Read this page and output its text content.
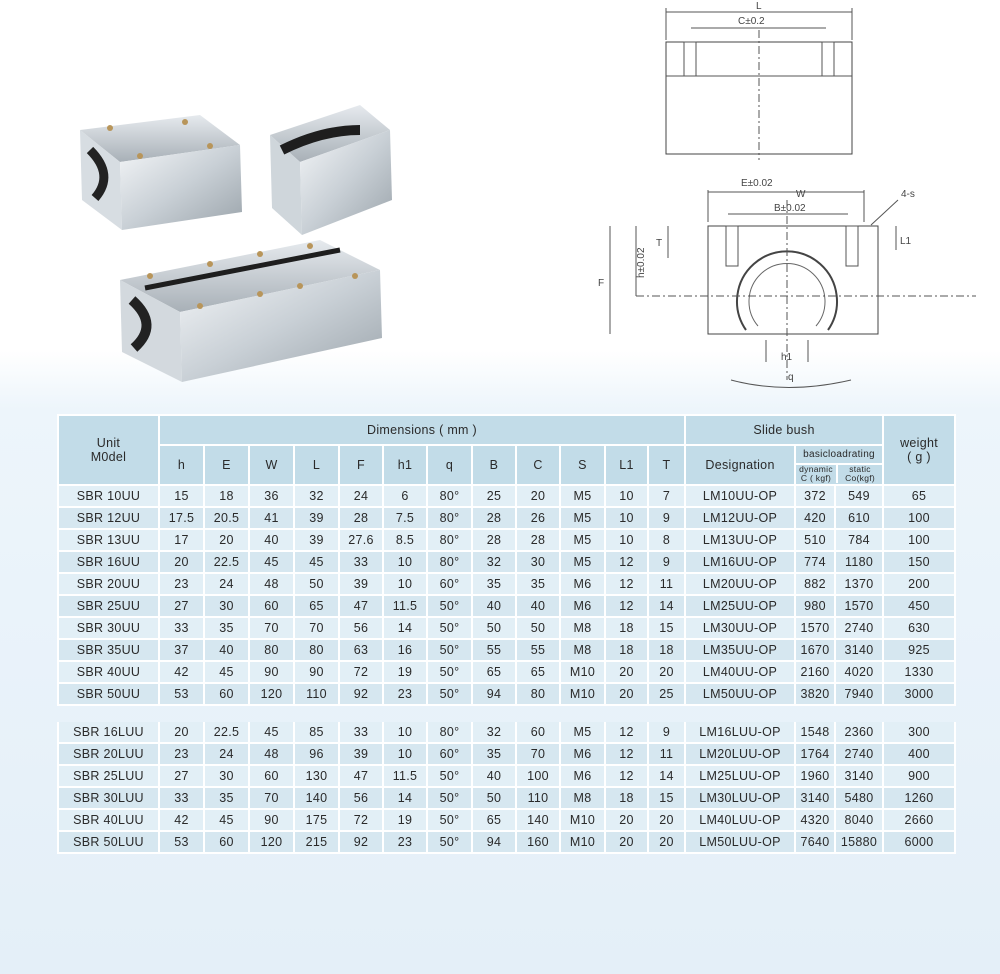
L
C±0.2
E±0.02
W
B±0.02
4-s
F
h±0.02
T	L1
h1
q
Unit
M0del	Dimensions ( mm )												Slide bush			weight
( g )

	h	E	W	L	F	h1	q	B	C	S	L1	T	Designation	basicloadrating
dynamic
C ( kgf)
static
Co(kgf)		

SBR 10UU	15	18	36	32	24	6	80°	25	20	M5	10	7	LM10UU-OP	372	549	65
SBR 12UU	17.5	20.5	41	39	28	7.5	80°	28	26	M5	10	9	LM12UU-OP	420	610	100
SBR 13UU	17	20	40	39	27.6	8.5	80°	28	28	M5	10	8	LM13UU-OP	510	784	100
SBR 16UU	20	22.5	45	45	33	10	80°	32	30	M5	12	9	LM16UU-OP	774	1180	150
SBR 20UU	23	24	48	50	39	10	60°	35	35	M6	12	11	LM20UU-OP	882	1370	200
SBR 25UU	27	30	60	65	47	11.5	50°	40	40	M6	12	14	LM25UU-OP	980	1570	450
SBR 30UU	33	35	70	70	56	14	50°	50	50	M8	18	15	LM30UU-OP	1570	2740	630
SBR 35UU	37	40	80	80	63	16	50°	55	55	M8	18	18	LM35UU-OP	1670	3140	925
SBR 40UU	42	45	90	90	72	19	50°	65	65	M10	20	20	LM40UU-OP	2160	4020	1330
SBR 50UU	53	60	120	110	92	23	50°	94	80	M10	20	25	LM50UU-OP	3820	7940	3000

SBR 16LUU	20	22.5	45	85	33	10	80°	32	60	M5	12	9	LM16LUU-OP	1548	2360	300
SBR 20LUU	23	24	48	96	39	10	60°	35	70	M6	12	11	LM20LUU-OP	1764	2740	400
SBR 25LUU	27	30	60	130	47	11.5	50°	40	100	M6	12	14	LM25LUU-OP	1960	3140	900
SBR 30LUU	33	35	70	140	56	14	50°	50	110	M8	18	15	LM30LUU-OP	3140	5480	1260
SBR 40LUU	42	45	90	175	72	19	50°	65	140	M10	20	20	LM40LUU-OP	4320	8040	2660
SBR 50LUU	53	60	120	215	92	23	50°	94	160	M10	20	20	LM50LUU-OP	7640	15880	6000
